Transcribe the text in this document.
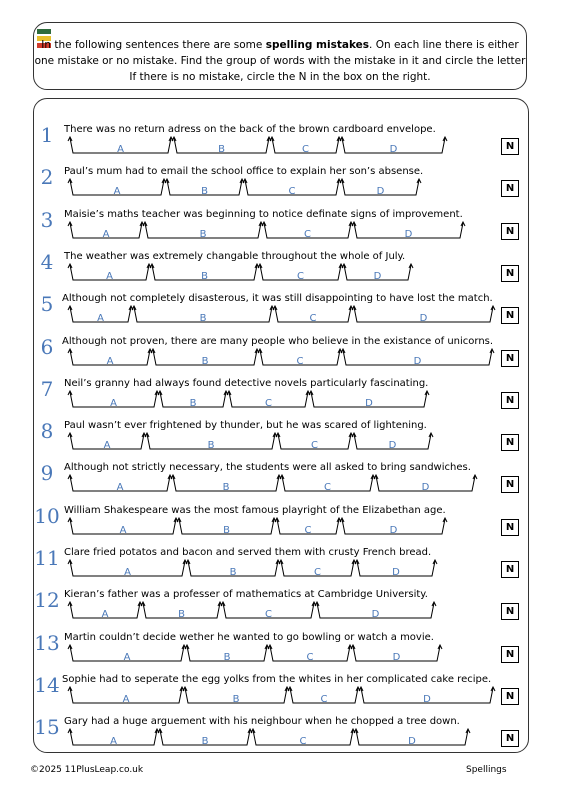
In the following sentences there are some spelling mistakes. On each line there is either
one mistake or no mistake. Find the group of words with the mistake in it and circle the letter
If there is no mistake, circle the N in the box on the right.

1	There was no return adress on the back of the brown cardboard envelope.
A	B	C	D	N
2	Paul’s mum had to email the school office to explain her son’s absense.
A	B	C	D	N
3	Maisie’s maths teacher was beginning to notice definate signs of improvement.
A	B	C	D	N
4	The weather was extremely changable throughout the whole of July.
A	B	C	D	N
5 Although not completely disasterous, it was still disappointing to have lost the match.
A	B	C	D	N
6 Although not proven, there are many people who believe in the existance of unicorns.
A	B	C	D	N
7	Neil’s granny had always found detective novels particularly fascinating.
A	B	C	D	N
8	Paul wasn’t ever frightened by thunder, but he was scared of lightening.
A	B	C	D	N
9	Although not strictly necessary, the students were all asked to bring sandwiches.
A	B	C	D	N
10 William Shakespeare was the most famous playright of the Elizabethan age.
A	B	C	D	N
11 Clare fried potatos and bacon and served them with crusty French bread.
A	B	C	D	N
12 Kieran’s father was a professer of mathematics at Cambridge University.
A	B	C	D	N
13 Martin couldn’t decide wether he wanted to go bowling or watch a movie.
A	B	C	D	N
14 Sophie had to seperate the egg yolks from the whites in her complicated cake recipe.
A	B	C	D	N
15 Gary had a huge arguement with his neighbour when he chopped a tree down.
A	B	C	D	N
©2025 11PlusLeap.co.uk	Spellings
